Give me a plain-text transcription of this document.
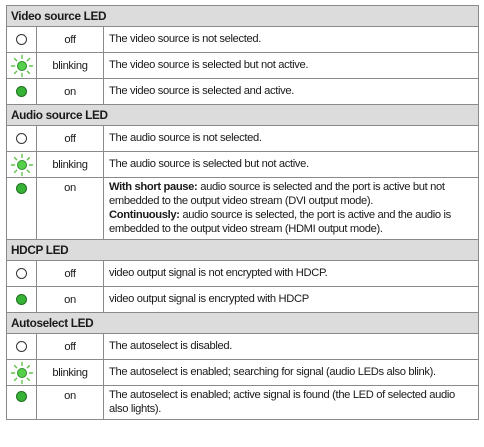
Video source LED		

	off	The video source is not selected.

	blinking	The video source is selected but not active.

	on	The video source is selected and active.
Audio source LED		

	off	The audio source is not selected.

	blinking	The audio source is selected but not active.

	on	With short pause: audio source is selected and the port is active but not embedded to the output video stream (DVI output mode).
Continuously: audio source is selected, the port is active and the audio is embedded to the output video stream (HDMI output mode).
HDCP LED		

	off	video output signal is not encrypted with HDCP.

	on	video output signal is encrypted with HDCP
Autoselect LED		

	off	The autoselect is disabled.

	blinking	The autoselect is enabled; searching for signal (audio LEDs also blink).

	on	The autoselect is enabled; active signal is found (the LED of selected audio also lights).
